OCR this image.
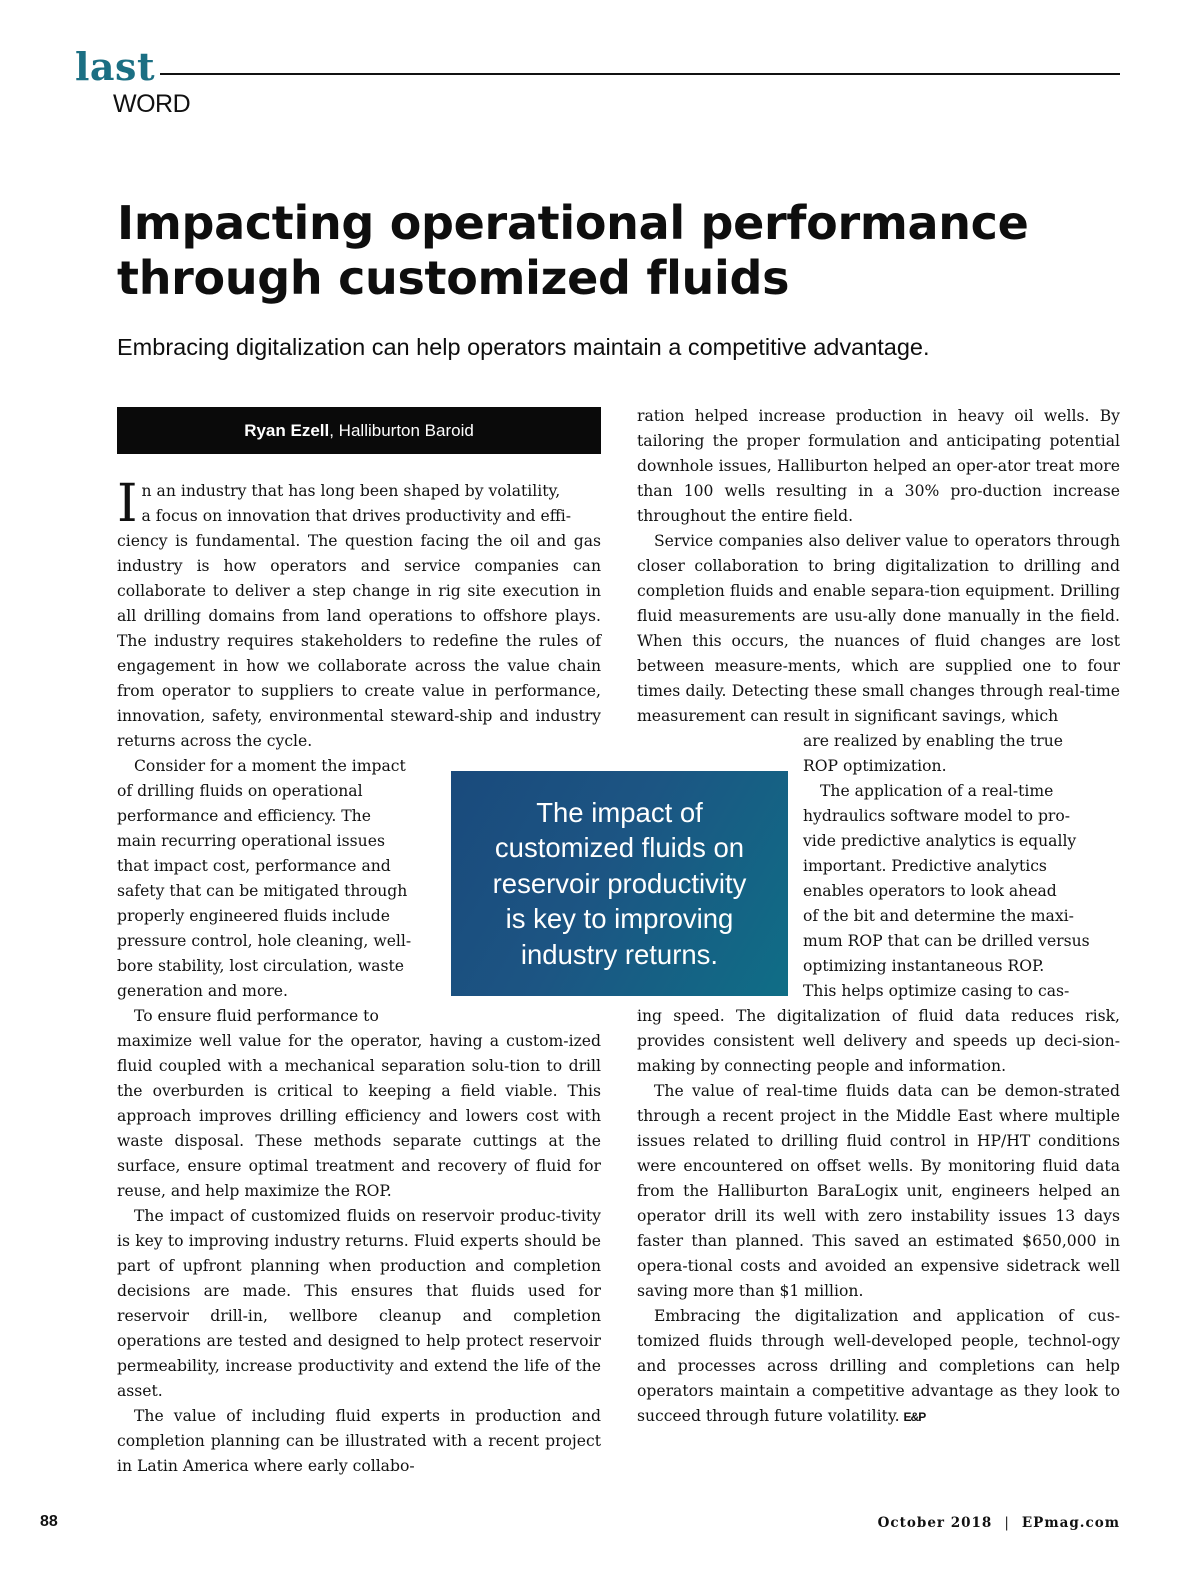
last
WORD
Impacting operational performance
through customized fluids
Embracing digitalization can help operators maintain a competitive advantage.
Ryan Ezell , Halliburton Baroid

I n an industry that has long been shaped by volatility,
a focus on innovation that drives productivity and effi-
ciency is fundamental. The question facing the oil and gas industry is how operators and service companies can collaborate to deliver a step change in rig site execution in all drilling domains from land operations to offshore plays. The industry requires stakeholders to redefine the rules of engagement in how we collaborate across the value chain from operator to suppliers to create value in performance, innovation, safety, environmental steward-ship and industry returns across the cycle.

Consider for a moment the impact
of drilling fluids on operational
performance and efficiency. The
main recurring operational issues
that impact cost, performance and
safety that can be mitigated through
properly engineered fluids include
pressure control, hole cleaning, well-
bore stability, lost circulation, waste
generation and more.

To ensure fluid performance to
maximize well value for the operator, having a custom-ized fluid coupled with a mechanical separation solu-tion to drill the overburden is critical to keeping a field viable. This approach improves drilling efficiency and lowers cost with waste disposal. These methods separate cuttings at the surface, ensure optimal treatment and recovery of fluid for reuse, and help maximize the ROP.

The impact of customized fluids on reservoir produc-tivity is key to improving industry returns. Fluid experts should be part of upfront planning when production and completion decisions are made. This ensures that fluids used for reservoir drill-in, wellbore cleanup and completion operations are tested and designed to help protect reservoir permeability, increase productivity and extend the life of the asset.

The value of including fluid experts in production and completion planning can be illustrated with a recent project in Latin America where early collabo-

The impact of
customized fluids on
reservoir productivity
is key to improving
industry returns.

ration helped increase production in heavy oil wells. By tailoring the proper formulation and anticipating potential downhole issues, Halliburton helped an oper-ator treat more than 100 wells resulting in a 30% pro-duction increase throughout the entire field.

Service companies also deliver value to operators through closer collaboration to bring digitalization to drilling and completion fluids and enable separa-tion equipment. Drilling fluid measurements are usu-ally done manually in the field. When this occurs, the nuances of fluid changes are lost between measure-ments, which are supplied one to four times daily. Detecting these small changes through real-time measurement can result in significant savings, which

are realized by enabling the true
ROP optimization.
The application of a real-time
hydraulics software model to pro-
vide predictive analytics is equally
important. Predictive analytics
enables operators to look ahead
of the bit and determine the maxi-
mum ROP that can be drilled versus
optimizing instantaneous ROP.
This helps optimize casing to cas-

ing speed. The digitalization of fluid data reduces risk, provides consistent well delivery and speeds up deci-sion-making by connecting people and information.

The value of real-time fluids data can be demon-strated through a recent project in the Middle East where multiple issues related to drilling fluid control in HP/HT conditions were encountered on offset wells. By monitoring fluid data from the Halliburton BaraLogix unit, engineers helped an operator drill its well with zero instability issues 13 days faster than planned. This saved an estimated $650,000 in opera-tional costs and avoided an expensive sidetrack well saving more than $1 million.

Embracing the digitalization and application of cus-tomized fluids through well-developed people, technol-ogy and processes across drilling and completions can help operators maintain a competitive advantage as they look to succeed through future volatility. E&P

88	October 2018 | EPmag.com
